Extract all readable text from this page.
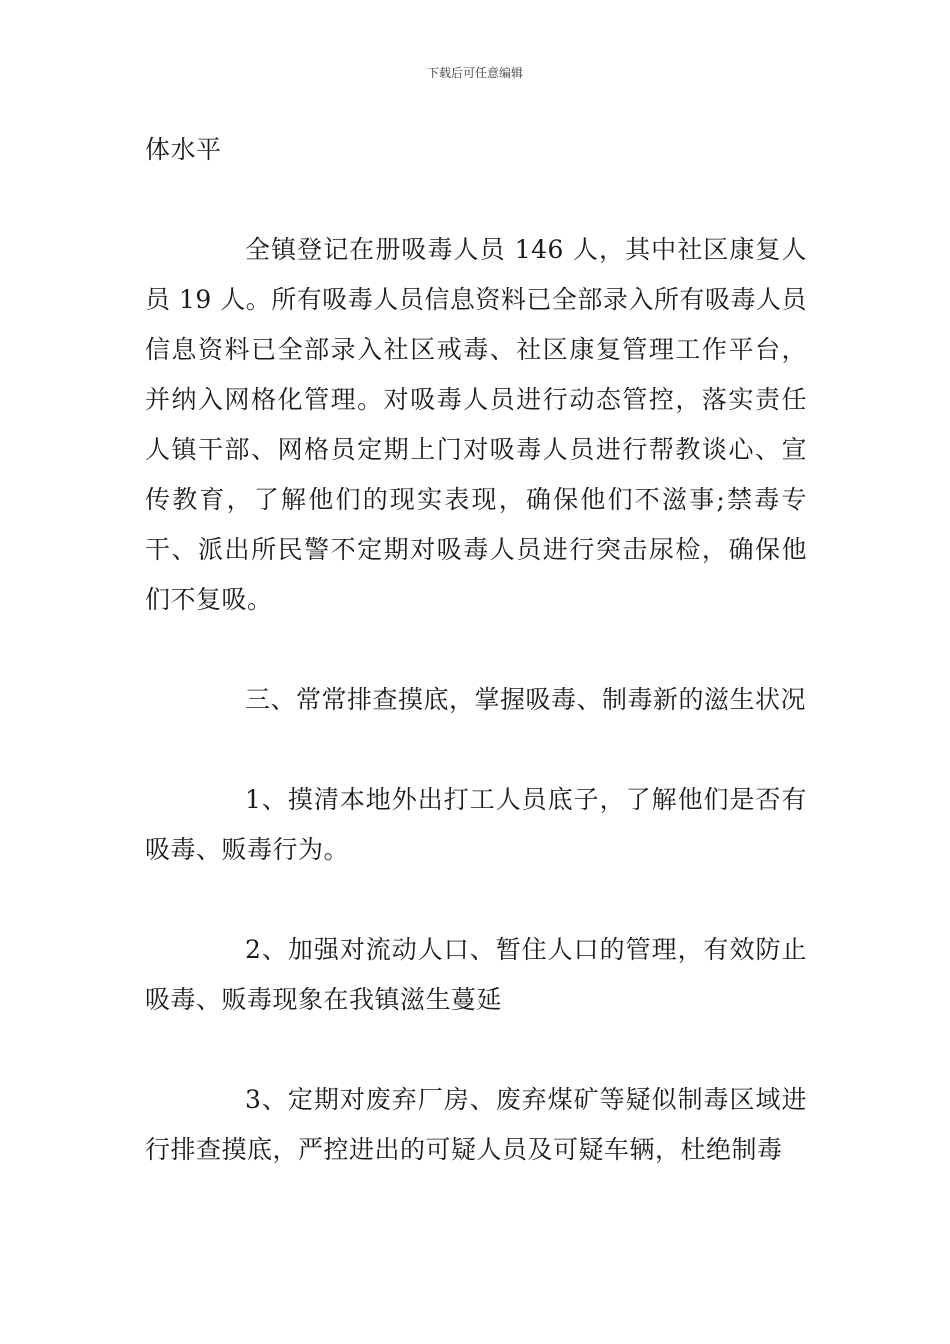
下载后可任意编辑

体水平

全镇登记在册吸毒人员 146 人，其中社区康复人员 19 人。所有吸毒人员信息资料已全部录入所有吸毒人员信息资料已全部录入社区戒毒、社区康复管理工作平台，并纳入网格化管理。对吸毒人员进行动态管控，落实责任人镇干部、网格员定期上门对吸毒人员进行帮教谈心、宣传教育，了解他们的现实表现，确保他们不滋事;禁毒专干、派出所民警不定期对吸毒人员进行突击尿检，确保他们不复吸。

三、常常排查摸底，掌握吸毒、制毒新的滋生状况

1、摸清本地外出打工人员底子，了解他们是否有吸毒、贩毒行为。

2、加强对流动人口、暂住人口的管理，有效防止吸毒、贩毒现象在我镇滋生蔓延

3、定期对废弃厂房、废弃煤矿等疑似制毒区域进行排查摸底，严控进出的可疑人员及可疑车辆，杜绝制毒
